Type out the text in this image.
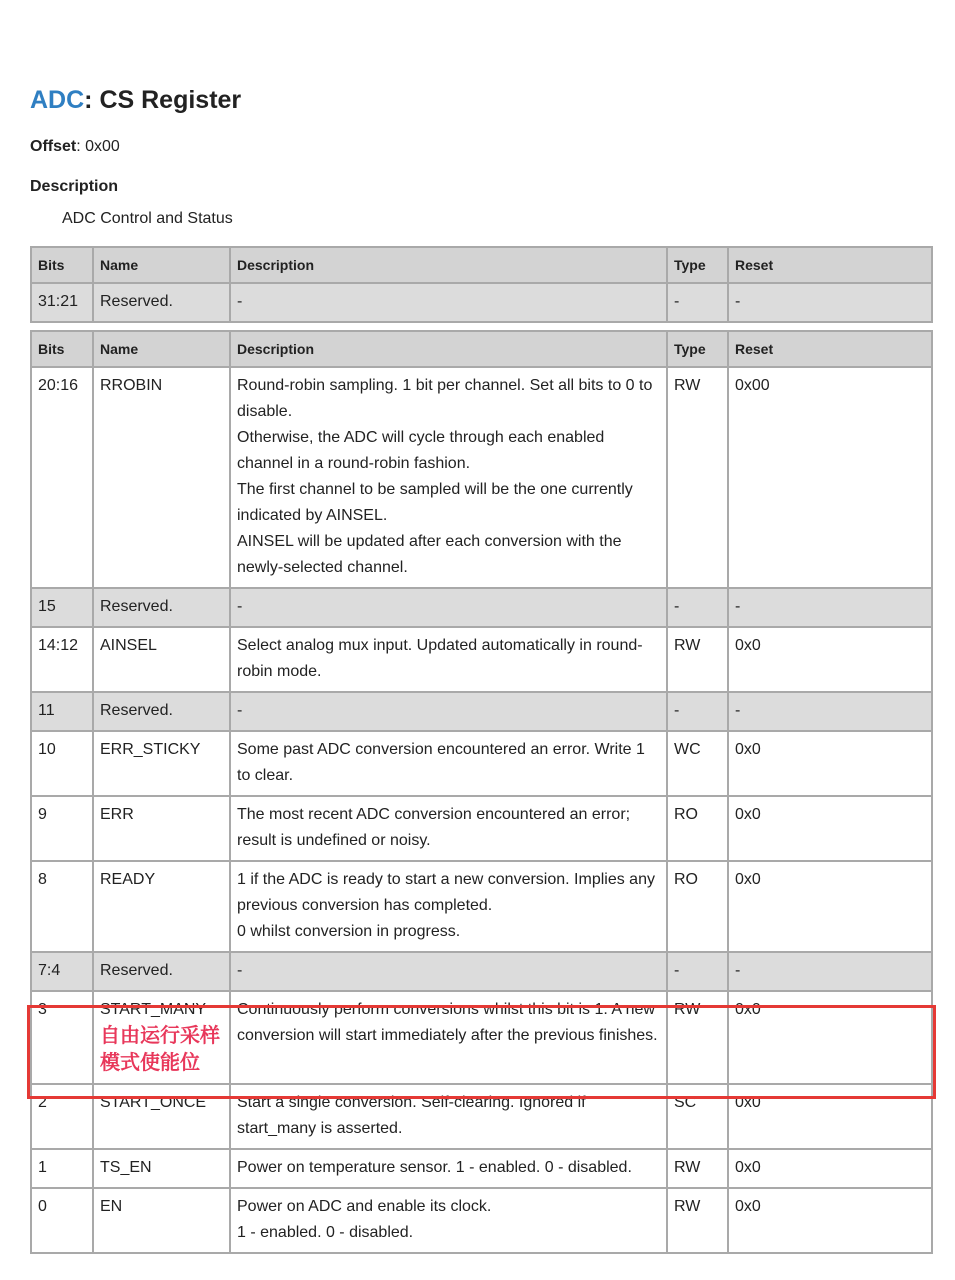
ADC: CS Register
Offset: 0x00
Description
ADC Control and Status
Bits	Name	Description	Type	Reset
31:21	Reserved.	-	-	-
Bits	Name	Description	Type	Reset
20:16	RROBIN	Round-robin sampling. 1 bit per channel. Set all bits to 0 to disable.
Otherwise, the ADC will cycle through each enabled channel in a round-robin fashion.
The first channel to be sampled will be the one currently indicated by AINSEL.
AINSEL will be updated after each conversion with the newly-selected channel.	RW	0x00
15	Reserved.	-	-	-
14:12	AINSEL	Select analog mux input. Updated automatically in round-robin mode.	RW	0x0
11	Reserved.	-	-	-
10	ERR_STICKY	Some past ADC conversion encountered an error. Write 1 to clear.	WC	0x0
9	ERR	The most recent ADC conversion encountered an error; result is undefined or noisy.	RO	0x0
8	READY	1 if the ADC is ready to start a new conversion. Implies any previous conversion has completed.
0 whilst conversion in progress.	RO	0x0
7:4	Reserved.	-	-	-
3	START_MANY
自由运行采样
模式使能位	Continuously perform conversions whilst this bit is 1. A new conversion will start immediately after the previous finishes.	RW	0x0
2	START_ONCE	Start a single conversion. Self-clearing. Ignored if start_many is asserted.	SC	0x0
1	TS_EN	Power on temperature sensor. 1 - enabled. 0 - disabled.	RW	0x0
0	EN	Power on ADC and enable its clock.
1 - enabled. 0 - disabled.	RW	0x0
